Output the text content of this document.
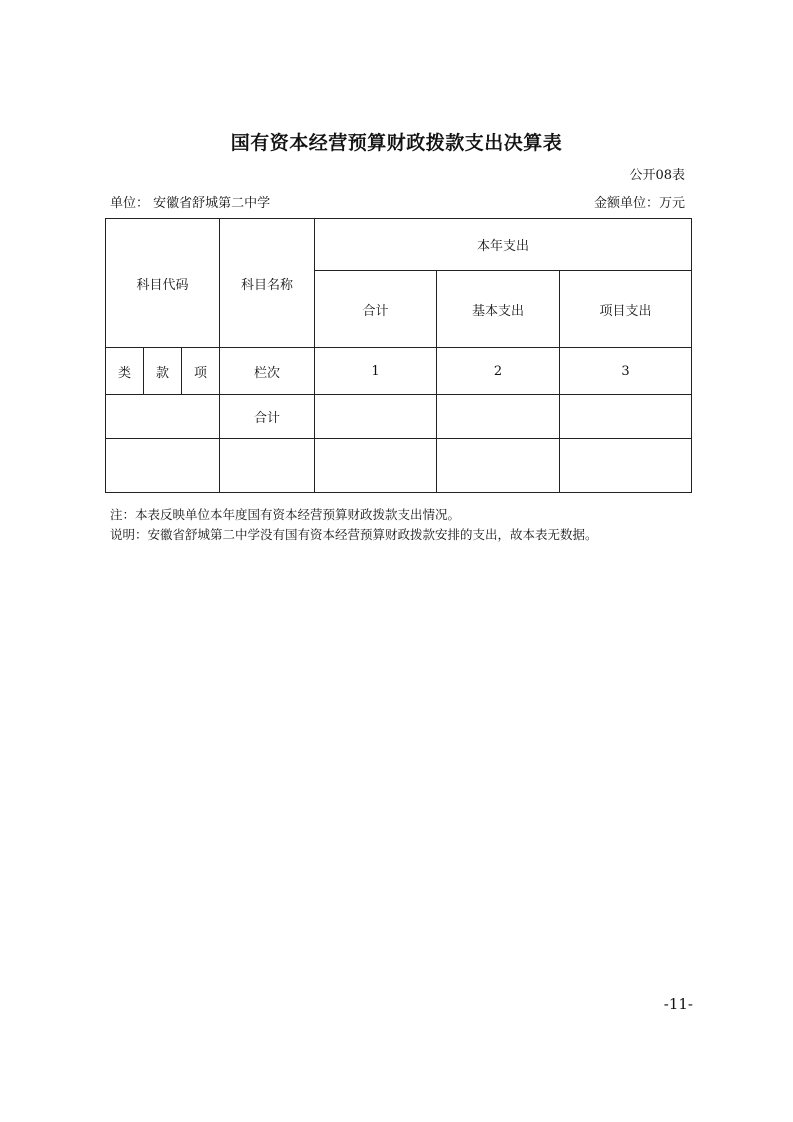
国有资本经营预算财政拨款支出决算表
公开08表
单位： 安徽省舒城第二中学	金额单位：万元
科目代码			科目名称	本年支出		
				合计	基本支出	项目支出
类	款	项	栏次	1	2	3
			合计			

注：本表反映单位本年度国有资本经营预算财政拨款支出情况。
说明：安徽省舒城第二中学没有国有资本经营预算财政拨款安排的支出，故本表无数据。
-11-
